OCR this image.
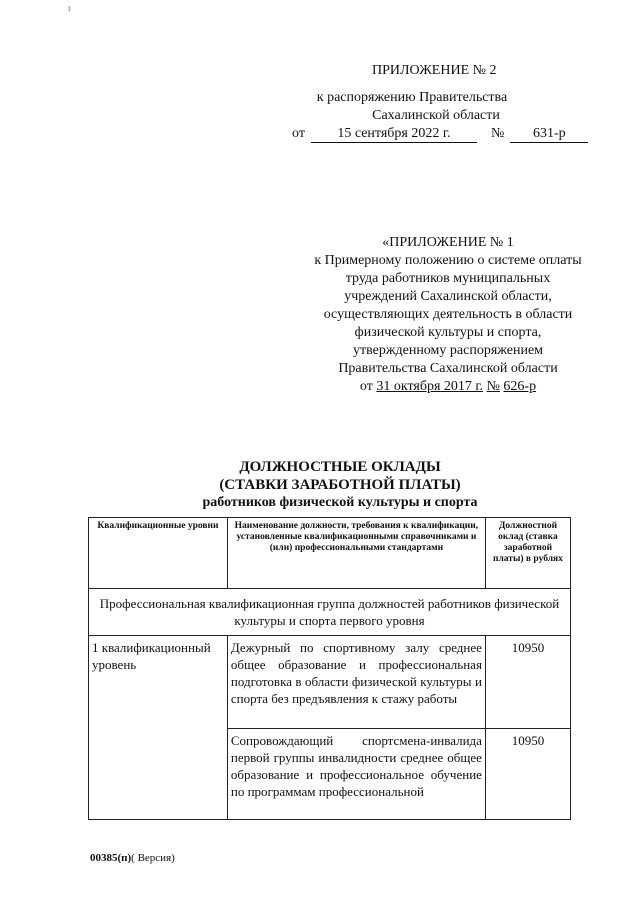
ˀ
ПРИЛОЖЕНИЕ № 2
к распоряжению Правительства
Сахалинской области
от 15 сентября 2022 г.	№ 631-р
«ПРИЛОЖЕНИЕ № 1
к Примерному положению о системе оплаты
труда работников муниципальных
учреждений Сахалинской области,
осуществляющих деятельность в области
физической культуры и спорта,
утвержденному распоряжением
Правительства Сахалинской области
от 31 октября 2017 г. № 626-р
ДОЛЖНОСТНЫЕ ОКЛАДЫ
(СТАВКИ ЗАРАБОТНОЙ ПЛАТЫ)
работников физической культуры и спорта
Квалификационные уровни	Наименование должности, требования к квалификации, установленные квалификационными справочниками и (или) профессиональными стандартами	Должностной оклад (ставка заработной платы) в рублях
Профессиональная квалификационная группа должностей работников физической культуры и спорта первого уровня		
1 квалификационный уровень	Дежурный по спортивному залу среднее общее образование и профессиональная подготовка в области физической культуры и спорта без предъявления к стажу работы	10950
	Сопровождающий спортсмена-инвалида первой группы инвалидности среднее общее образование и профессиональное обучение по программам профессиональной	10950
00385(п)( Версия)
